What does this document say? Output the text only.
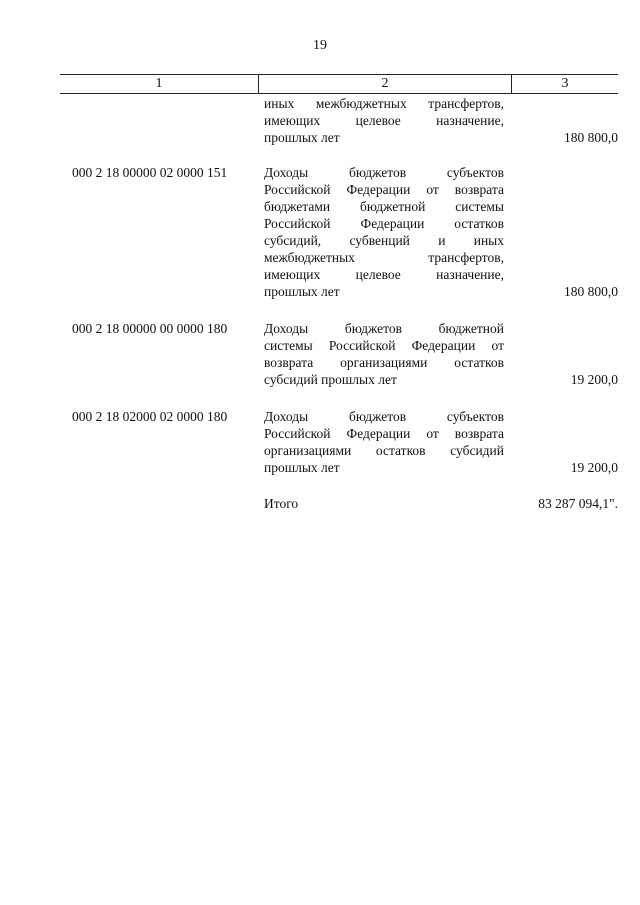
19
1	2	3
иных межбюджетных трансфертов,
имеющих целевое назначение,
прошлых лет	180 800,0
000 2 18 00000 02 0000 151	Доходы бюджетов субъектов
Российской Федерации от возврата
бюджетами бюджетной системы
Российской Федерации остатков
субсидий, субвенций и иных
межбюджетных трансфертов,
имеющих целевое назначение,
прошлых лет	180 800,0
000 2 18 00000 00 0000 180	Доходы бюджетов бюджетной
системы Российской Федерации от
возврата организациями остатков
субсидий прошлых лет	19 200,0
000 2 18 02000 02 0000 180	Доходы бюджетов субъектов
Российской Федерации от возврата
организациями остатков субсидий
прошлых лет	19 200,0
Итого	83 287 094,1".
